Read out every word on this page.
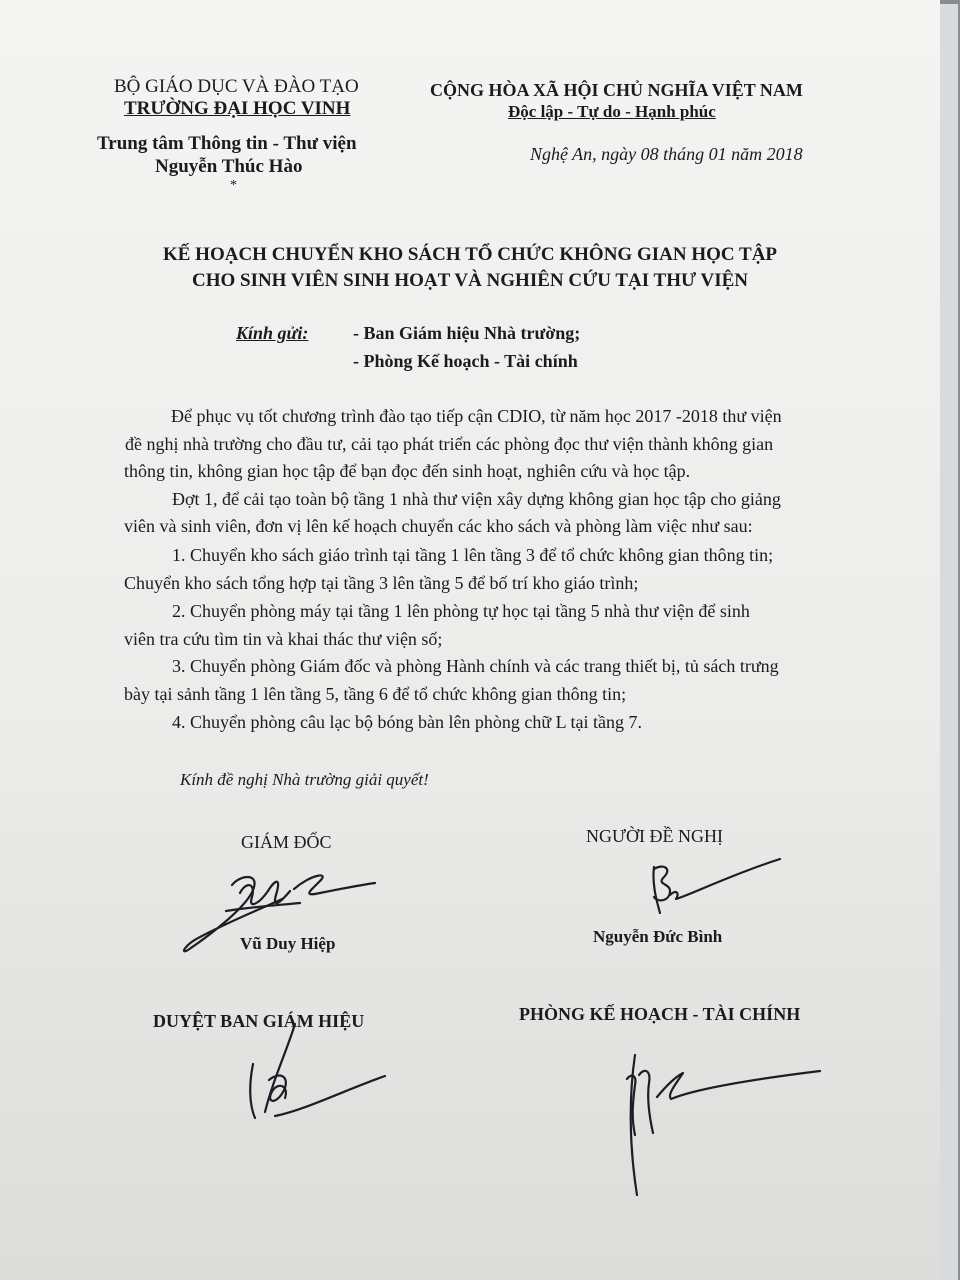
BỘ GIÁO DỤC VÀ ĐÀO TẠO
TRƯỜNG ĐẠI HỌC VINH
Trung tâm Thông tin - Thư viện
Nguyễn Thúc Hào
*
CỘNG HÒA XÃ HỘI CHỦ NGHĨA VIỆT NAM
Độc lập - Tự do - Hạnh phúc
Nghệ An, ngày 08 tháng 01 năm 2018
KẾ HOẠCH CHUYỂN KHO SÁCH TỔ CHỨC KHÔNG GIAN HỌC TẬP
CHO SINH VIÊN SINH HOẠT VÀ NGHIÊN CỨU TẠI THƯ VIỆN
Kính gửi: - Ban Giám hiệu Nhà trường;
- Phòng Kế hoạch - Tài chính
Để phục vụ tốt chương trình đào tạo tiếp cận CDIO, từ năm học 2017 -2018 thư viện
đề nghị nhà trường cho đầu tư, cải tạo phát triển các phòng đọc thư viện thành không gian
thông tin, không gian học tập để bạn đọc đến sinh hoạt, nghiên cứu và học tập.
Đợt 1, để cải tạo toàn bộ tầng 1 nhà thư viện xây dựng không gian học tập cho giảng
viên và sinh viên, đơn vị lên kế hoạch chuyển các kho sách và phòng làm việc như sau:
1. Chuyển kho sách giáo trình tại tầng 1 lên tầng 3 để tổ chức không gian thông tin;
Chuyển kho sách tổng hợp tại tầng 3 lên tầng 5 để bố trí kho giáo trình;
2. Chuyển phòng máy tại tầng 1 lên phòng tự học tại tầng 5 nhà thư viện để sinh
viên tra cứu tìm tin và khai thác thư viện số;
3. Chuyển phòng Giám đốc và phòng Hành chính và các trang thiết bị, tủ sách trưng
bày tại sảnh tầng 1 lên tầng 5, tầng 6 để tổ chức không gian thông tin;
4. Chuyển phòng câu lạc bộ bóng bàn lên phòng chữ L tại tầng 7.
Kính đề nghị Nhà trường giải quyết!
GIÁM ĐỐC	NGƯỜI ĐỀ NGHỊ
Vũ Duy Hiệp	Nguyễn Đức Bình
DUYỆT BAN GIÁM HIỆU	PHÒNG KẾ HOẠCH - TÀI CHÍNH
